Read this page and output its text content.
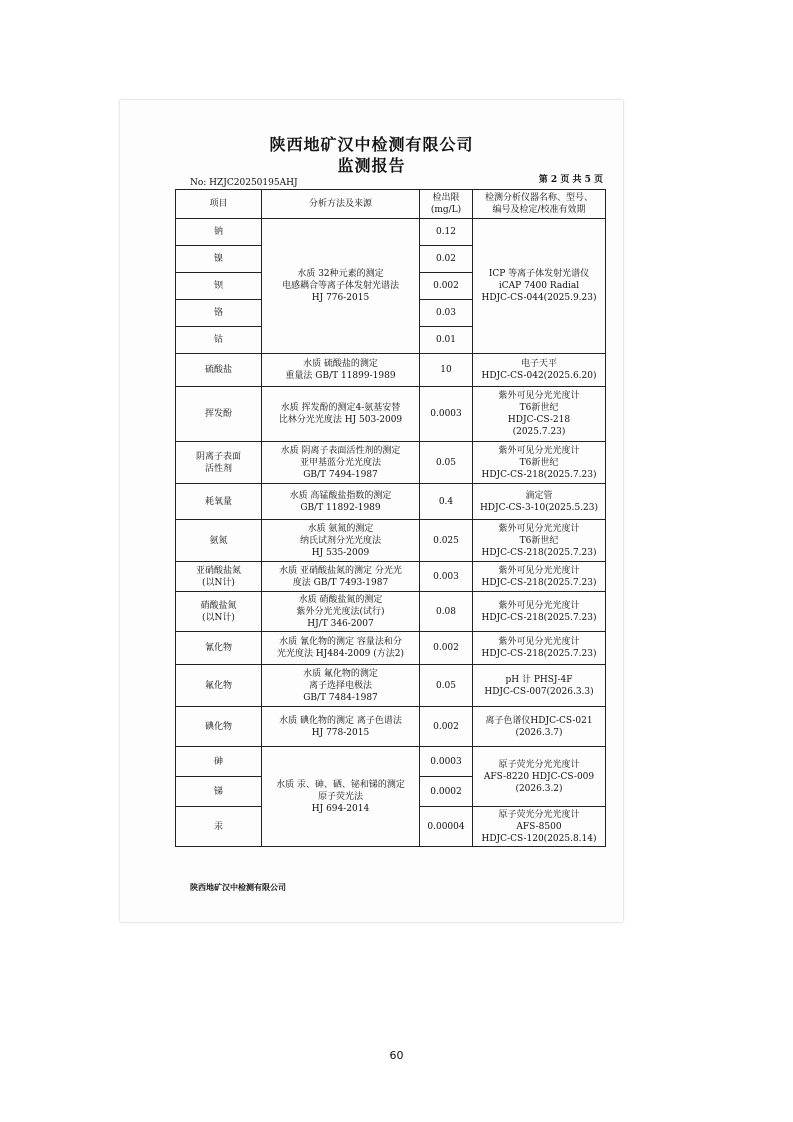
陕西地矿汉中检测有限公司
监测报告
No: HZJC20250195AHJ	第 2 页 共 5 页
项目	分析方法及来源	检出限
(mg/L)	检测分析仪器名称、型号、
编号及检定/校准有效期
钠	水质 32种元素的测定
电感耦合等离子体发射光谱法
HJ 776-2015	0.12	ICP 等离子体发射光谱仪
iCAP 7400 Radial
HDJC-CS-044(2025.9.23)
镍		0.02	
钡		0.002	
铬		0.03	
钴		0.01	
硫酸盐	水质 硫酸盐的测定
重量法 GB/T 11899-1989	10	电子天平
HDJC-CS-042(2025.6.20)
挥发酚	水质 挥发酚的测定4-氨基安替
比林分光光度法 HJ 503-2009	0.0003	紫外可见分光光度计
T6新世纪
HDJC-CS-218
(2025.7.23)
阴离子表面
活性剂	水质 阴离子表面活性剂的测定
亚甲基蓝分光光度法
GB/T 7494-1987	0.05	紫外可见分光光度计
T6新世纪
HDJC-CS-218(2025.7.23)
耗氧量	水质 高锰酸盐指数的测定
GB/T 11892-1989	0.4	滴定管
HDJC-CS-3-10(2025.5.23)
氨氮	水质 氨氮的测定
纳氏试剂分光光度法
HJ 535-2009	0.025	紫外可见分光光度计
T6新世纪
HDJC-CS-218(2025.7.23)
亚硝酸盐氮
(以N计)	水质 亚硝酸盐氮的测定 分光光
度法 GB/T 7493-1987	0.003	紫外可见分光光度计
HDJC-CS-218(2025.7.23)
硝酸盐氮
(以N计)	水质 硝酸盐氮的测定
紫外分光光度法(试行)
HJ/T 346-2007	0.08	紫外可见分光光度计
HDJC-CS-218(2025.7.23)
氰化物	水质 氰化物的测定 容量法和分
光光度法 HJ484-2009 (方法2)	0.002	紫外可见分光光度计
HDJC-CS-218(2025.7.23)
氟化物	水质 氟化物的测定
离子选择电极法
GB/T 7484-1987	0.05	pH 计 PHSJ-4F
HDJC-CS-007(2026.3.3)
碘化物	水质 碘化物的测定 离子色谱法
HJ 778-2015	0.002	离子色谱仪HDJC-CS-021
(2026.3.7)
砷	水质 汞、砷、硒、铋和锑的测定
原子荧光法
HJ 694-2014	0.0003	原子荧光分光光度计
AFS-8220 HDJC-CS-009
(2026.3.2)
锑		0.0002	
汞		0.00004	原子荧光分光光度计
AFS-8500
HDJC-CS-120(2025.8.14)
陕西地矿汉中检测有限公司
60
